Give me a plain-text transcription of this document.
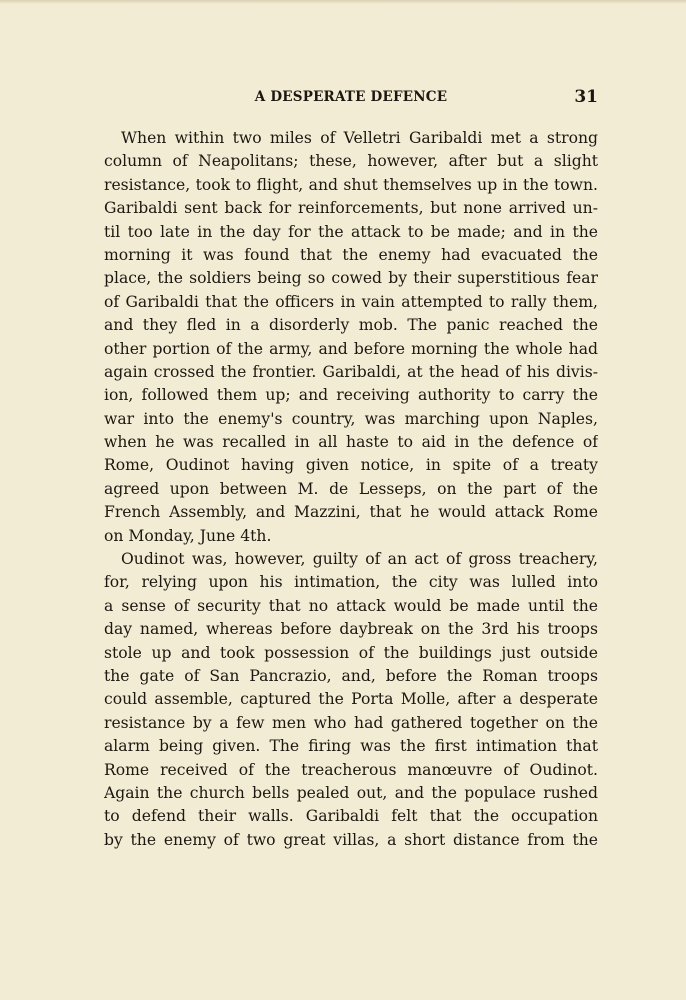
A DESPERATE DEFENCE	31
When within two miles of Velletri Garibaldi met a strong
column of Neapolitans; these, however, after but a slight
resistance, took to flight, and shut themselves up in the town.
Garibaldi sent back for reinforcements, but none arrived un-
til too late in the day for the attack to be made; and in the
morning it was found that the enemy had evacuated the
place, the soldiers being so cowed by their superstitious fear
of Garibaldi that the officers in vain attempted to rally them,
and they fled in a disorderly mob. The panic reached the
other portion of the army, and before morning the whole had
again crossed the frontier. Garibaldi, at the head of his divis-
ion, followed them up; and receiving authority to carry the
war into the enemy's country, was marching upon Naples,
when he was recalled in all haste to aid in the defence of
Rome, Oudinot having given notice, in spite of a treaty
agreed upon between M. de Lesseps, on the part of the
French Assembly, and Mazzini, that he would attack Rome
on Monday, June 4th.
Oudinot was, however, guilty of an act of gross treachery,
for, relying upon his intimation, the city was lulled into
a sense of security that no attack would be made until the
day named, whereas before daybreak on the 3rd his troops
stole up and took possession of the buildings just outside
the gate of San Pancrazio, and, before the Roman troops
could assemble, captured the Porta Molle, after a desperate
resistance by a few men who had gathered together on the
alarm being given. The firing was the first intimation that
Rome received of the treacherous manœuvre of Oudinot.
Again the church bells pealed out, and the populace rushed
to defend their walls. Garibaldi felt that the occupation
by the enemy of two great villas, a short distance from the
